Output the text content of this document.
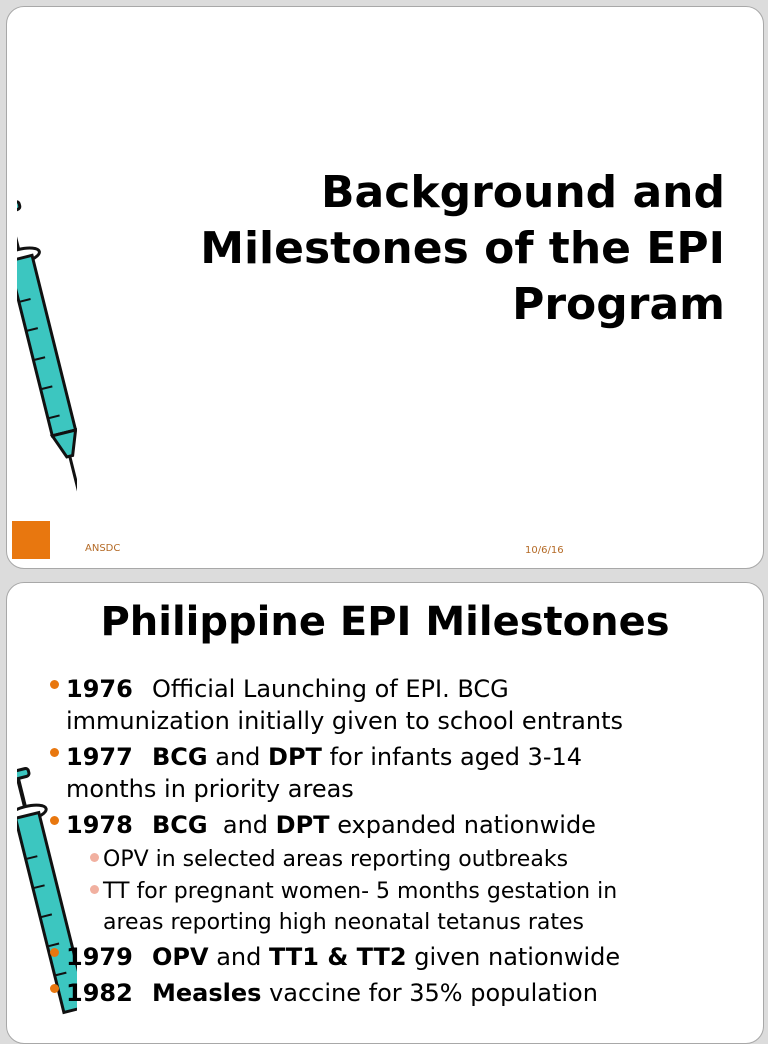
Background and
Milestones of the EPI
Program
ANSDC	10/6/16
Philippine EPI Milestones
1976 Official Launching of EPI. BCG
immunization initially given to school entrants
1977 BCG and DPT for infants aged 3-14
months in priority areas
1978 BCG and DPT expanded nationwide
OPV in selected areas reporting outbreaks
TT for pregnant women- 5 months gestation in
areas reporting high neonatal tetanus rates
1979 OPV and TT1 & TT2 given nationwide
1982 Measles vaccine for 35% population
